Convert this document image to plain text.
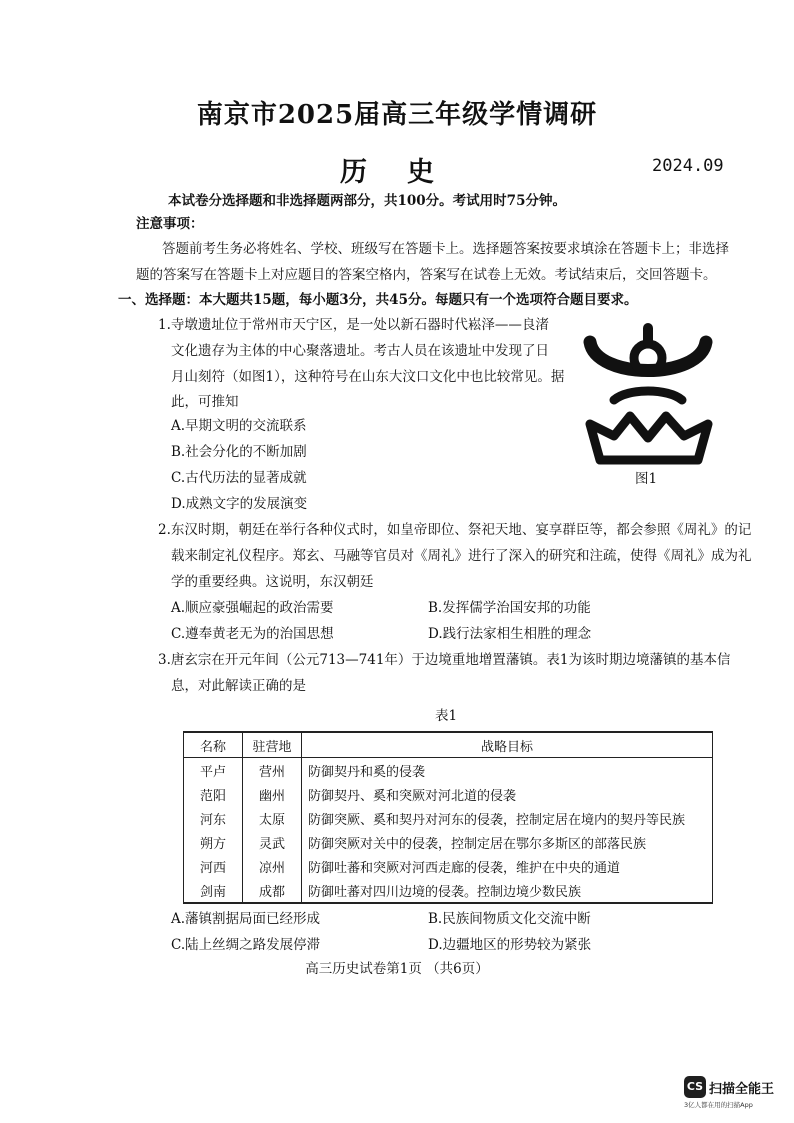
南京市2025届高三年级学情调研
历史	2024.09
本试卷分选择题和非选择题两部分，共100分。考试用时75分钟。
注意事项：
答题前考生务必将姓名、学校、班级写在答题卡上。选择题答案按要求填涂在答题卡上；非选择
题的答案写在答题卡上对应题目的答案空格内，答案写在试卷上无效。考试结束后，交回答题卡。
一、选择题：本大题共15题，每小题3分，共45分。每题只有一个选项符合题目要求。
1.寺墩遗址位于常州市天宁区，是一处以新石器时代崧泽——良渚
文化遗存为主体的中心聚落遗址。考古人员在该遗址中发现了日
月山刻符（如图1），这种符号在山东大汶口文化中也比较常见。据
此，可推知
A.早期文明的交流联系
B.社会分化的不断加剧
C.古代历法的显著成就
D.成熟文字的发展演变
图1
2.东汉时期，朝廷在举行各种仪式时，如皇帝即位、祭祀天地、宴享群臣等，都会参照《周礼》的记
载来制定礼仪程序。郑玄、马融等官员对《周礼》进行了深入的研究和注疏，使得《周礼》成为礼
学的重要经典。这说明，东汉朝廷
A.顺应豪强崛起的政治需要	B.发挥儒学治国安邦的功能
C.遵奉黄老无为的治国思想	D.践行法家相生相胜的理念
3.唐玄宗在开元年间（公元713—741年）于边境重地增置藩镇。表1为该时期边境藩镇的基本信
息，对此解读正确的是
表1
名称	驻营地	战略目标
平卢	营州	防御契丹和奚的侵袭
范阳	幽州	防御契丹、奚和突厥对河北道的侵袭
河东	太原	防御突厥、奚和契丹对河东的侵袭，控制定居在境内的契丹等民族
朔方	灵武	防御突厥对关中的侵袭，控制定居在鄂尔多斯区的部落民族
河西	凉州	防御吐蕃和突厥对河西走廊的侵袭，维护在中央的通道
剑南	成都	防御吐蕃对四川边境的侵袭。控制边境少数民族
A.藩镇割据局面已经形成	B.民族间物质文化交流中断
C.陆上丝绸之路发展停滞	D.边疆地区的形势较为紧张
高三历史试卷第1页 （共6页）
CS 扫描全能王
3亿人都在用的扫描App
